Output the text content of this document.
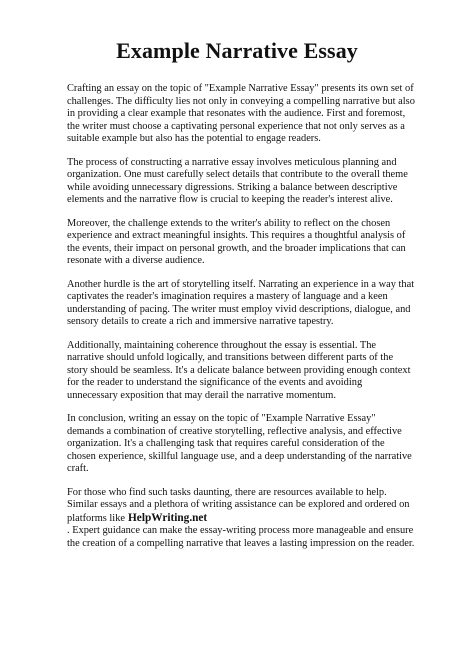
Example Narrative Essay

Crafting an essay on the topic of "Example Narrative Essay" presents its own set of challenges. The difficulty lies not only in conveying a compelling narrative but also in providing a clear example that resonates with the audience. First and foremost, the writer must choose a captivating personal experience that not only serves as a suitable example but also has the potential to engage readers.

The process of constructing a narrative essay involves meticulous planning and organization. One must carefully select details that contribute to the overall theme while avoiding unnecessary digressions. Striking a balance between descriptive elements and the narrative flow is crucial to keeping the reader's interest alive.

Moreover, the challenge extends to the writer's ability to reflect on the chosen experience and extract meaningful insights. This requires a thoughtful analysis of the events, their impact on personal growth, and the broader implications that can resonate with a diverse audience.

Another hurdle is the art of storytelling itself. Narrating an experience in a way that captivates the reader's imagination requires a mastery of language and a keen understanding of pacing. The writer must employ vivid descriptions, dialogue, and sensory details to create a rich and immersive narrative tapestry.

Additionally, maintaining coherence throughout the essay is essential. The narrative should unfold logically, and transitions between different parts of the story should be seamless. It's a delicate balance between providing enough context for the reader to understand the significance of the events and avoiding unnecessary exposition that may derail the narrative momentum.

In conclusion, writing an essay on the topic of "Example Narrative Essay" demands a combination of creative storytelling, reflective analysis, and effective organization. It's a challenging task that requires careful consideration of the chosen experience, skillful language use, and a deep understanding of the narrative craft.

For those who find such tasks daunting, there are resources available to help. Similar essays and a plethora of writing assistance can be explored and ordered on platforms like HelpWriting.net
. Expert guidance can make the essay-writing process more manageable and ensure the creation of a compelling narrative that leaves a lasting impression on the reader.
